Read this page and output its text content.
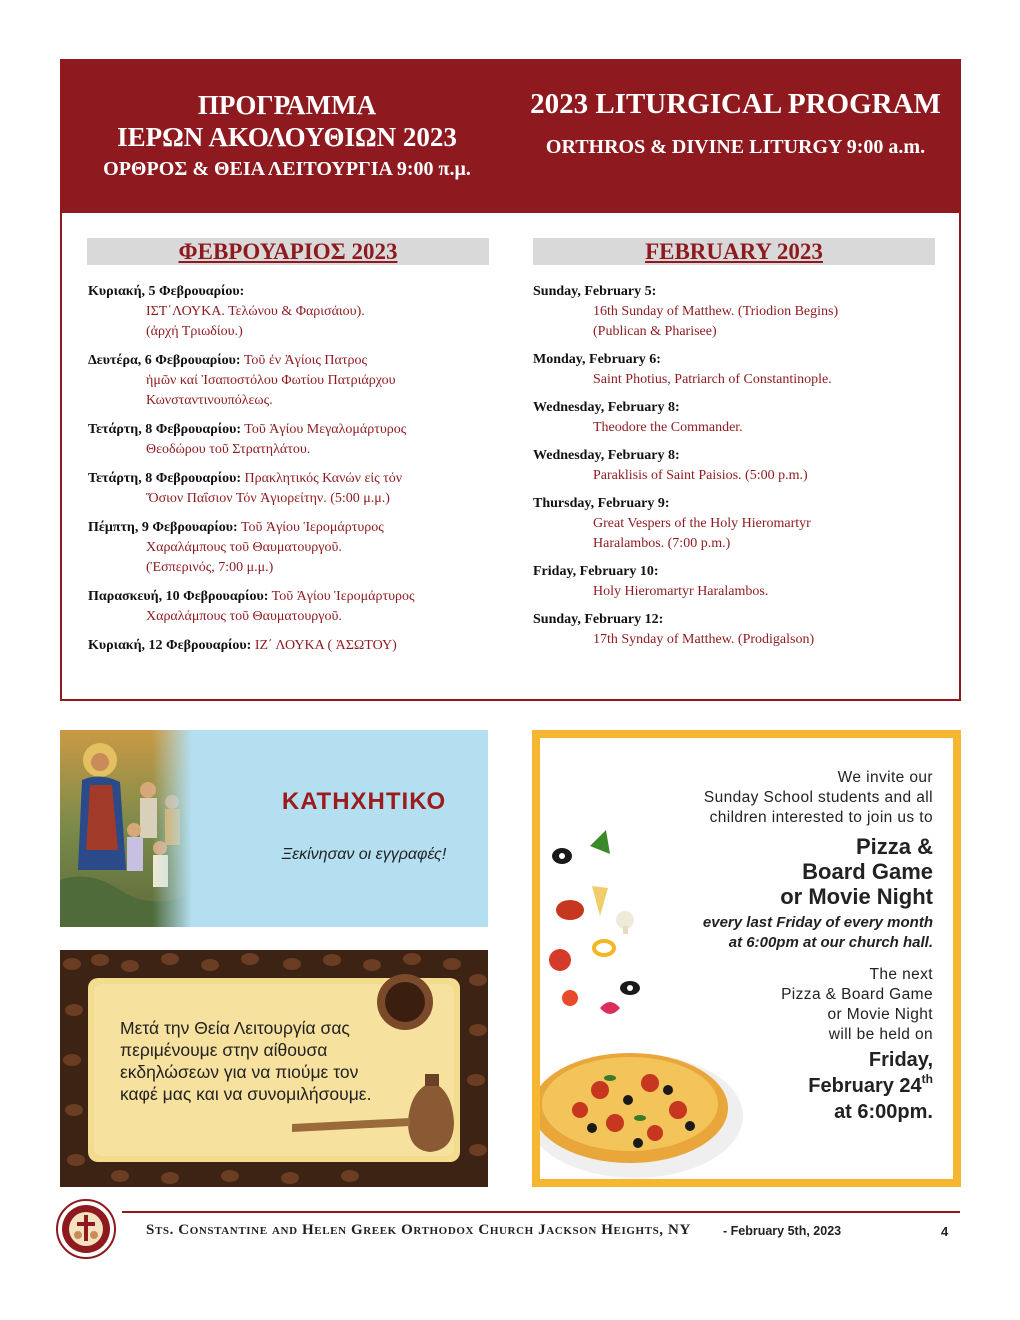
ΠΡΟΓΡΑΜΜΑ
ΙΕΡΩΝ ΑΚΟΛΟΥΘΙΩΝ 2023
ΟΡΘΡΟΣ & ΘΕΙΑ ΛΕΙΤΟΥΡΓΙΑ 9:00 π.μ.
2023 LITURGICAL PROGRAM
ORTHROS & DIVINE LITURGY 9:00 a.m.
ΦΕΒΡΟΥΑΡΙΟΣ 2023	FEBRUARY 2023
Κυριακή, 5 Φεβρουαρίου:
ΙΣΤ΄ΛΟΥΚΑ. Τελώνου & Φαρισάιου).
(ἀρχή Τριωδίου.)
Δευτέρα, 6 Φεβρουαρίου: Τοῦ ἐν Ἁγίοις Πατρος
ἡμῶν καί Ἰσαποστόλου Φωτίου Πατριάρχου
Κωνσταντινουπόλεως.
Τετάρτη, 8 Φεβρουαρίου: Τοῦ Ἁγίου Μεγαλομάρτυρος
Θεοδώρου τοῦ Στρατηλάτου.
Τετάρτη, 8 Φεβρουαρίου: Πρακλητικός Κανών εἰς τόν
Ὅσιον Παΐσιον Τόν Ἁγιορείτην. (5:00 μ.μ.)
Πέμπτη, 9 Φεβρουαρίου: Τοῦ Ἁγίου Ἱερομάρτυρος
Χαραλάμπους τοῦ Θαυματουργοῦ.
(Ἑσπερινός, 7:00 μ.μ.)
Παρασκευή, 10 Φεβρουαρίου: Τοῦ Ἁγίου Ἱερομάρτυρος
Χαραλάμπους τοῦ Θαυματουργοῦ.
Κυριακή, 12 Φεβρουαρίου: ΙΖ΄ ΛΟΥΚΑ ( ἈΣΩΤΟΥ)
Sunday, February 5:
16th Sunday of Matthew. (Triodion Begins)
(Publican & Pharisee)
Monday, February 6:
Saint Photius, Patriarch of Constantinople.
Wednesday, February 8:
Theodore the Commander.
Wednesday, February 8:
Paraklisis of Saint Paisios. (5:00 p.m.)
Thursday, February 9:
Great Vespers of the Holy Hieromartyr
Haralambos. (7:00 p.m.)
Friday, February 10:
Holy Hieromartyr Haralambos.
Sunday, February 12:
17th Synday of Matthew. (Prodigalson)
ΚΑΤΗΧΗΤΙΚΟ
Ξεκίνησαν οι εγγραφές!
Μετά την Θεία Λειτουργία σας
περιμένουμε στην αίθουσα
εκδηλώσεων για να πιούμε τον
καφέ μας και να συνομιλήσουμε.
We invite our
Sunday School students and all
children interested to join us to
Pizza &
Board Game
or Movie Night
every last Friday of every month
at 6:00pm at our church hall.
The next
Pizza & Board Game
or Movie Night
will be held on
Friday,
February 24th
at 6:00pm.
Sts. Constantine and Helen Greek Orthodox Church Jackson Heights, NY	- February 5th, 2023	4
